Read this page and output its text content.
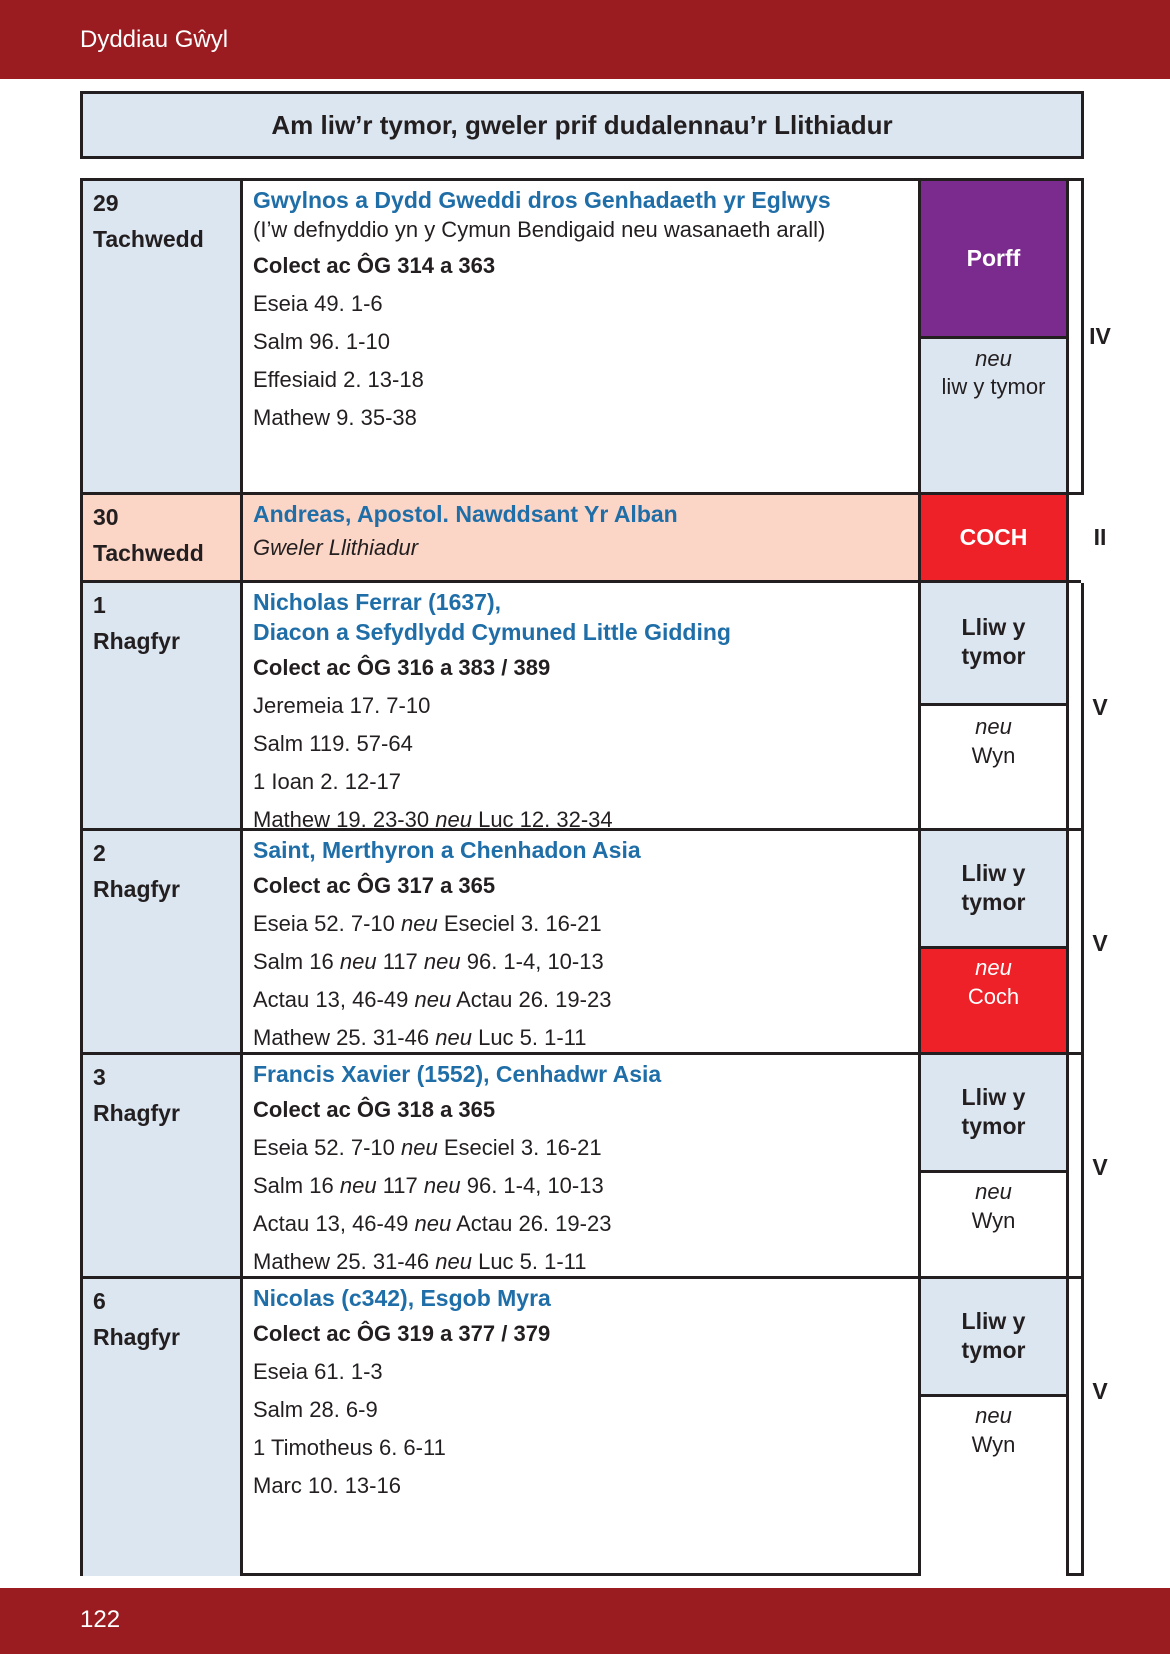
Dyddiau Gŵyl
Am liw’r tymor, gweler prif dudalennau’r Llithiadur
29
Tachwedd
Gwylnos a Dydd Gweddi dros Genhadaeth yr Eglwys
(I’w defnyddio yn y Cymun Bendigaid neu wasanaeth arall)
Colect ac ÔG 314 a 363
Eseia 49. 1-6
Salm 96. 1-10
Effesiaid 2. 13-18
Mathew 9. 35-38
Porff
neu
liw y tymor
IV
30
Tachwedd
Andreas, Apostol. Nawddsant Yr Alban
Gweler Llithiadur	COCH	II
1
Rhagfyr
Nicholas Ferrar (1637),
Diacon a Sefydlydd Cymuned Little Gidding
Colect ac ÔG 316 a 383 / 389
Jeremeia 17. 7-10
Salm 119. 57-64
1 Ioan 2. 12-17
Mathew 19. 23-30 neu Luc 12. 32-34
Lliw y
tymor
neu
Wyn
V
2
Rhagfyr
Saint, Merthyron a Chenhadon Asia
Colect ac ÔG 317 a 365
Eseia 52. 7-10 neu Eseciel 3. 16-21
Salm 16 neu 117 neu 96. 1-4, 10-13
Actau 13, 46-49 neu Actau 26. 19-23
Mathew 25. 31-46 neu Luc 5. 1-11
Lliw y
tymor
neu
Coch
V
3
Rhagfyr
Francis Xavier (1552), Cenhadwr Asia
Colect ac ÔG 318 a 365
Eseia 52. 7-10 neu Eseciel 3. 16-21
Salm 16 neu 117 neu 96. 1-4, 10-13
Actau 13, 46-49 neu Actau 26. 19-23
Mathew 25. 31-46 neu Luc 5. 1-11
Lliw y
tymor
neu
Wyn
V
6
Rhagfyr
Nicolas (c342), Esgob Myra
Colect ac ÔG 319 a 377 / 379
Eseia 61. 1-3
Salm 28. 6-9
1 Timotheus 6. 6-11
Marc 10. 13-16
Lliw y
tymor
neu
Wyn
V
122
